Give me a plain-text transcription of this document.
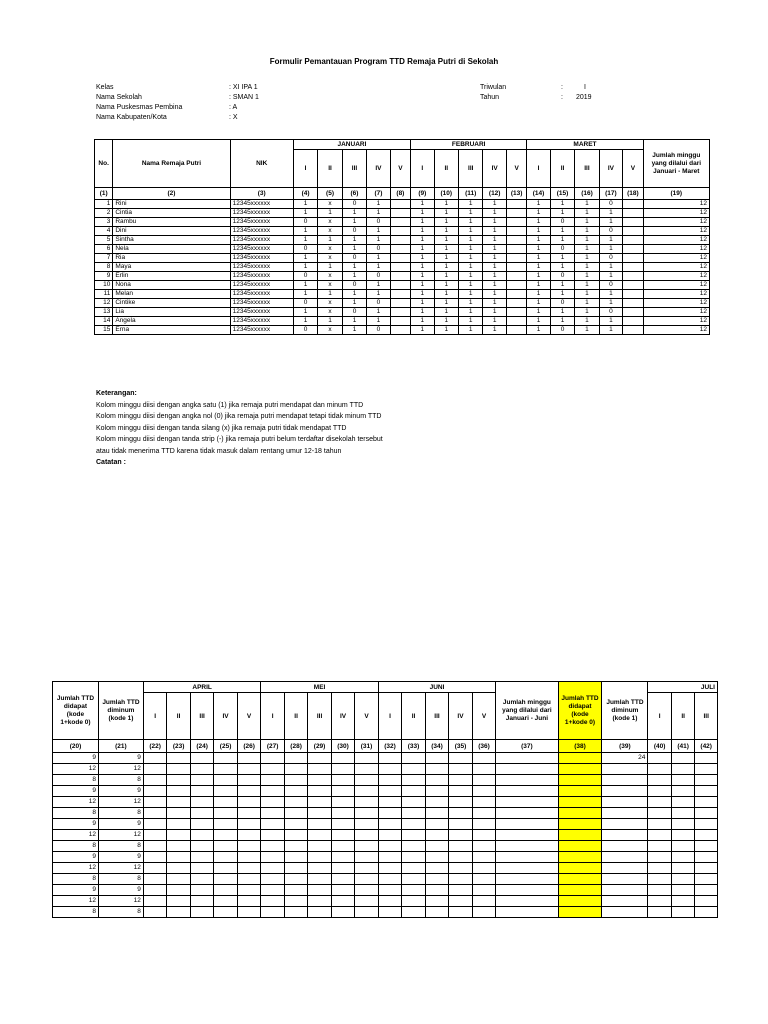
Formulir Pemantauan Program TTD Remaja Putri di Sekolah
Kelas	: XI IPA 1
Nama Sekolah	: SMAN 1
Nama Puskesmas Pembina	: A
Nama Kabupaten/Kota	: X
Triwulan	:	I
Tahun	: 2019
No.	Nama Remaja Putri	NIK	JANUARI					FEBRUARI					MARET					Jumlah minggu yang dilalui dari Januari - Maret
			I	II	III	IV	V	I	II	III	IV	V	I	II	III	IV	V	
(1)	(2)	(3)	(4)	(5)	(6)	(7)	(8)	(9)	(10)	(11)	(12)	(13)	(14)	(15)	(16)	(17)	(18)	(19)
1	Rini	12345xxxxxx	1	x	0	1		1	1	1	1		1	1	1	0		12
2	Cintia	12345xxxxxx	1	1	1	1		1	1	1	1		1	1	1	1		12
3	Rambu	12345xxxxxx	0	x	1	0		1	1	1	1		1	0	1	1		12
4	Dini	12345xxxxxx	1	x	0	1		1	1	1	1		1	1	1	0		12
5	Sintha	12345xxxxxx	1	1	1	1		1	1	1	1		1	1	1	1		12
6	Nela	12345xxxxxx	0	x	1	0		1	1	1	1		1	0	1	1		12
7	Ria	12345xxxxxx	1	x	0	1		1	1	1	1		1	1	1	0		12
8	Maya	12345xxxxxx	1	1	1	1		1	1	1	1		1	1	1	1		12
9	Erlin	12345xxxxxx	0	x	1	0		1	1	1	1		1	0	1	1		12
10	Nona	12345xxxxxx	1	x	0	1		1	1	1	1		1	1	1	0		12
11	Melan	12345xxxxxx	1	1	1	1		1	1	1	1		1	1	1	1		12
12	Cintike	12345xxxxxx	0	x	1	0		1	1	1	1		1	0	1	1		12
13	Lia	12345xxxxxx	1	x	0	1		1	1	1	1		1	1	1	0		12
14	Angela	12345xxxxxx	1	1	1	1		1	1	1	1		1	1	1	1		12
15	Erna	12345xxxxxx	0	x	1	0		1	1	1	1		1	0	1	1		12
Keterangan:
Kolom minggu diisi dengan angka satu (1) jika remaja putri mendapat dan minum TTD
Kolom minggu diisi dengan angka nol (0) jika remaja putri mendapat tetapi tidak minum TTD
Kolom minggu diisi dengan tanda silang (x) jika remaja putri tidak mendapat TTD
Kolom minggu diisi dengan tanda strip (-) jika remaja putri belum terdaftar disekolah tersebut
atau tidak menerima TTD karena tidak masuk dalam rentang umur 12-18 tahun
Catatan :
Jumlah TTD didapat (kode 1+kode 0)	Jumlah TTD diminum (kode 1)	APRIL					MEI					JUNI					Jumlah minggu yang dilalui dari Januari - Juni	Jumlah TTD didapat (kode 1+kode 0)	Jumlah TTD diminum (kode 1)	JULI		
		I	II	III	IV	V	I	II	III	IV	V	I	II	III	IV	V				I	II	III
(20)	(21)	(22)	(23)	(24)	(25)	(26)	(27)	(28)	(29)	(30)	(31)	(32)	(33)	(34)	(35)	(36)	(37)	(38)	(39)	(40)	(41)	(42)
9	9																		24			
12	12																					
8	8																					
9	9																					
12	12																					
8	8																					
9	9																					
12	12																					
8	8																					
9	9																					
12	12																					
8	8																					
9	9																					
12	12																					
8	8																					
